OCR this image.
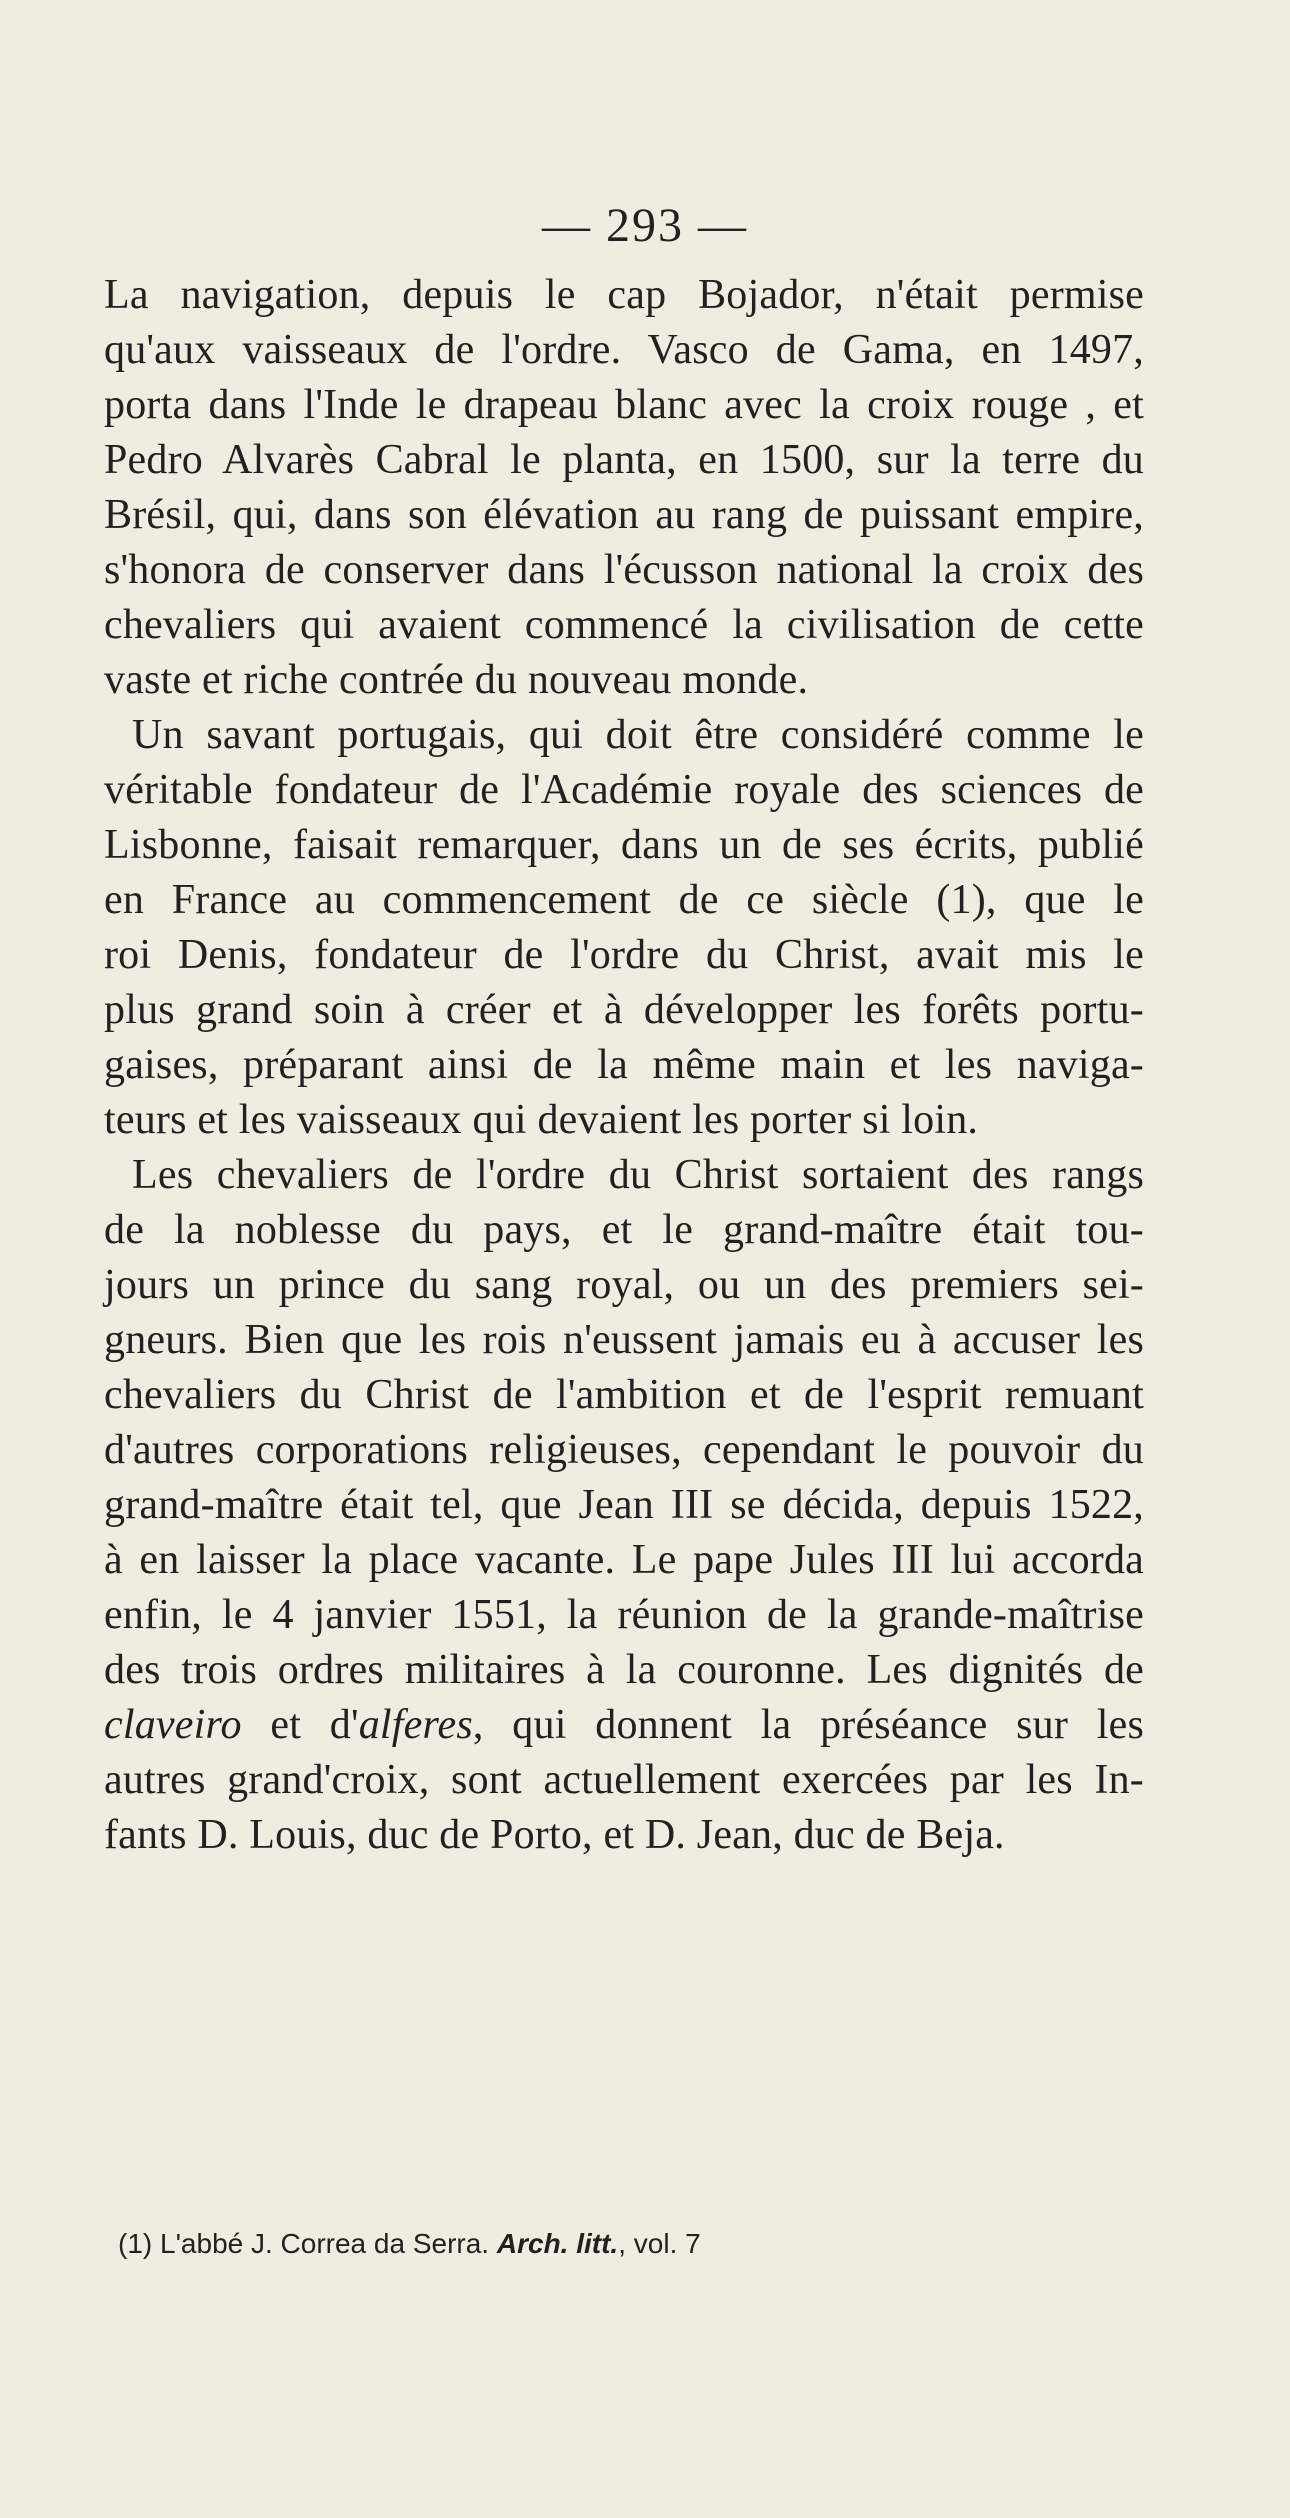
— 293 —
La navigation, depuis le cap Bojador, n'était permise
qu'aux vaisseaux de l'ordre. Vasco de Gama, en 1497,
porta dans l'Inde le drapeau blanc avec la croix rouge , et
Pedro Alvarès Cabral le planta, en 1500, sur la terre du
Brésil, qui, dans son élévation au rang de puissant empire,
s'honora de conserver dans l'écusson national la croix des
chevaliers qui avaient commencé la civilisation de cette
vaste et riche contrée du nouveau monde.
Un savant portugais, qui doit être considéré comme le
véritable fondateur de l'Académie royale des sciences de
Lisbonne, faisait remarquer, dans un de ses écrits, publié
en France au commencement de ce siècle (1), que le
roi Denis, fondateur de l'ordre du Christ, avait mis le
plus grand soin à créer et à développer les forêts portu-
gaises, préparant ainsi de la même main et les naviga-
teurs et les vaisseaux qui devaient les porter si loin.
Les chevaliers de l'ordre du Christ sortaient des rangs
de la noblesse du pays, et le grand-maître était tou-
jours un prince du sang royal, ou un des premiers sei-
gneurs. Bien que les rois n'eussent jamais eu à accuser les
chevaliers du Christ de l'ambition et de l'esprit remuant
d'autres corporations religieuses, cependant le pouvoir du
grand-maître était tel, que Jean III se décida, depuis 1522,
à en laisser la place vacante. Le pape Jules III lui accorda
enfin, le 4 janvier 1551, la réunion de la grande-maîtrise
des trois ordres militaires à la couronne. Les dignités de
claveiro et d'alferes, qui donnent la préséance sur les
autres grand'croix, sont actuellement exercées par les In-
fants D. Louis, duc de Porto, et D. Jean, duc de Beja.
(1) L'abbé J. Correa da Serra. Arch. litt., vol. 7
